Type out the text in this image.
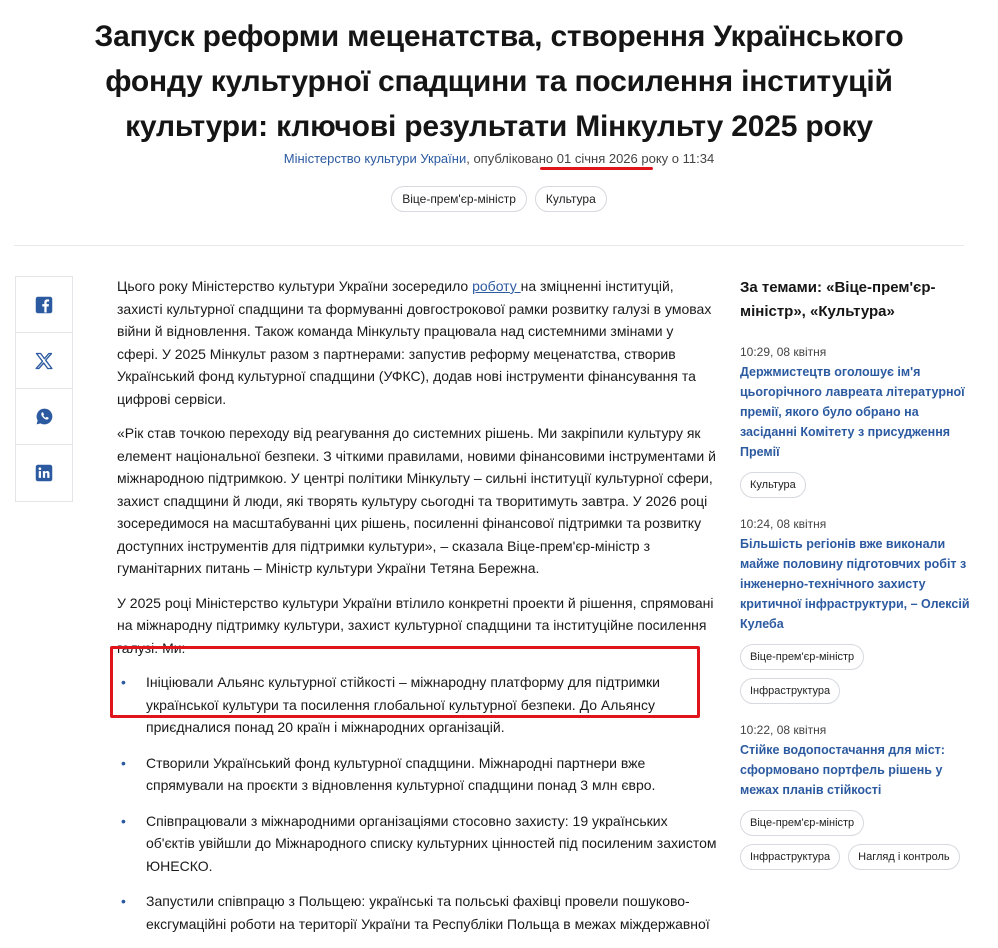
Запуск реформи меценатства, створення Українського фонду культурної спадщини та посилення інституцій культури: ключові результати Мінкульту 2025 року
Міністерство культури України, опубліковано 01 січня 2026 року о 11:34
Віце-прем'єр-міністр	Культура

Цього року Міністерство культури України зосередило роботу на зміцненні інституцій, захисті культурної спадщини та формуванні довгострокової рамки розвитку галузі в умовах війни й відновлення. Також команда Мінкульту працювала над системними змінами у сфері. У 2025 Мінкульт разом з партнерами: запустив реформу меценатства, створив Український фонд культурної спадщини (УФКС), додав нові інструменти фінансування та цифрові сервіси.

«Рік став точкою переходу від реагування до системних рішень. Ми закріпили культуру як елемент національної безпеки. З чіткими правилами, новими фінансовими інструментами й міжнародною підтримкою. У центрі політики Мінкульту – сильні інституції культурної сфери, захист спадщини й люди, які творять культуру сьогодні та творитимуть завтра. У 2026 році зосередимося на масштабуванні цих рішень, посиленні фінансової підтримки та розвитку доступних інструментів для підтримки культури», – сказала Віце-прем'єр-міністр з гуманітарних питань – Міністр культури України Тетяна Бережна.

У 2025 році Міністерство культури України втілило конкретні проекти й рішення, спрямовані на міжнародну підтримку культури, захист культурної спадщини та інституційне посилення галузі. Ми:

• Ініціювали Альянс культурної стійкості – міжнародну платформу для підтримки української культури та посилення глобальної культурної безпеки. До Альянсу приєдналися понад 20 країн і міжнародних організацій.
• Створили Український фонд культурної спадщини. Міжнародні партнери вже спрямували на проєкти з відновлення культурної спадщини понад 3 млн євро.
• Співпрацювали з міжнародними організаціями стосовно захисту: 19 українських об'єктів увійшли до Міжнародного списку культурних цінностей під посиленим захистом ЮНЕСКО.
• Запустили співпрацю з Польщею: українські та польські фахівці провели пошуково-ексгумаційні роботи на території України та Республіки Польща в межах міждержавної
За темами: «Віце-прем'єр-міністр», «Культура»
10:29, 08 квітня
Держмистецтв оголошує ім'я цьогорічного лавреата літературної премії, якого було обрано на засіданні Комітету з присудження Премії
Культура
10:24, 08 квітня
Більшість регіонів вже виконали майже половину підготовчих робіт з інженерно-технічного захисту критичної інфраструктури, – Олексій Кулеба
Віце-прем'єр-міністр
Інфраструктура
10:22, 08 квітня
Стійке водопостачання для міст: сформовано портфель рішень у межах планів стійкості
Віце-прем'єр-міністр
Інфраструктура	Нагляд і контроль
